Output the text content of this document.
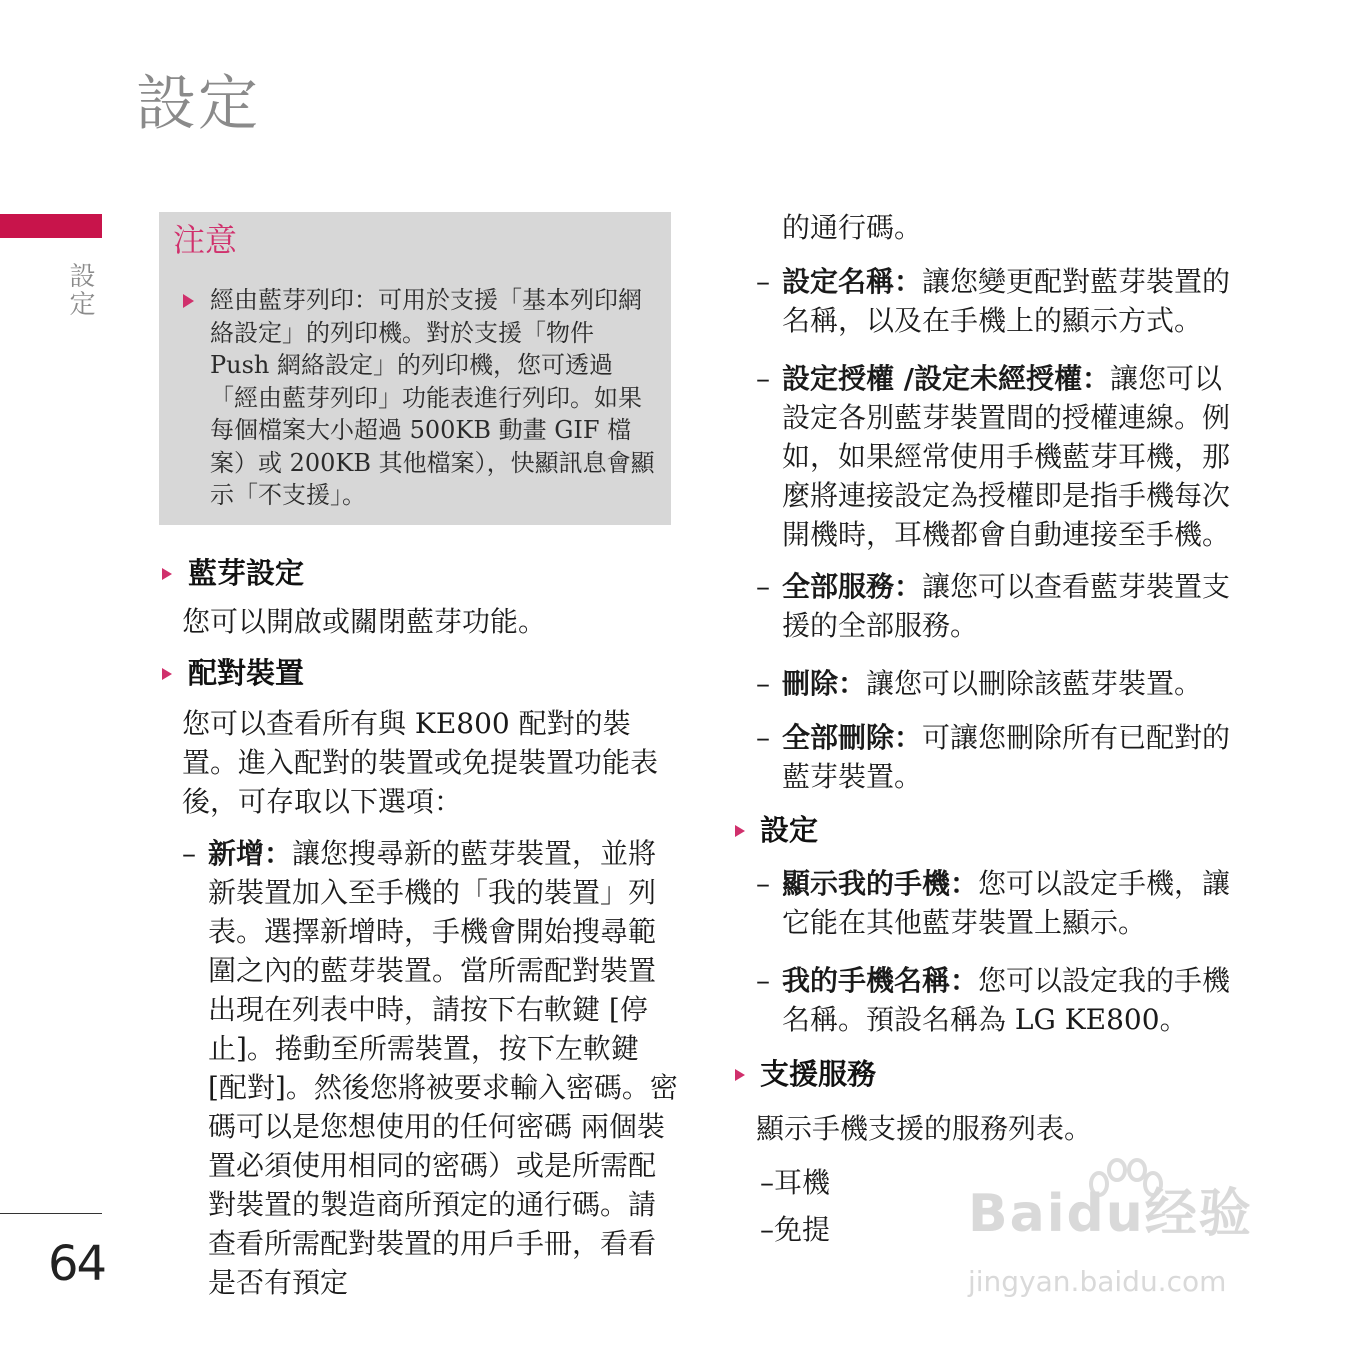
設定
設定
64
注意
經由藍芽列印：可用於支援「基本列印網絡設定」的列印機。對於支援「物件 Push 網絡設定」的列印機，您可透過「經由藍芽列印」功能表進行列印。如果每個檔案大小超過 500KB 動畫 GIF 檔案）或 200KB 其他檔案），快顯訊息會顯示「不支援」。
藍芽設定
您可以開啟或關閉藍芽功能。
配對裝置
您可以查看所有與 KE800 配對的裝置。進入配對的裝置或免提裝置功能表後，可存取以下選項：
– 新增：讓您搜尋新的藍芽裝置，並將新裝置加入至手機的「我的裝置」列表。選擇新增時，手機會開始搜尋範圍之內的藍芽裝置。當所需配對裝置出現在列表中時，請按下右軟鍵 [停止]。捲動至所需裝置，按下左軟鍵 [配對]。然後您將被要求輸入密碼。密碼可以是您想使用的任何密碼 兩個裝置必須使用相同的密碼）或是所需配對裝置的製造商所預定的通行碼。請查看所需配對裝置的用戶手冊，看看是否有預定
的通行碼。
– 設定名稱：讓您變更配對藍芽裝置的名稱，以及在手機上的顯示方式。
– 設定授權 /設定未經授權：讓您可以設定各別藍芽裝置間的授權連線。例如，如果經常使用手機藍芽耳機，那麼將連接設定為授權即是指手機每次開機時，耳機都會自動連接至手機。
– 全部服務：讓您可以查看藍芽裝置支援的全部服務。
– 刪除：讓您可以刪除該藍芽裝置。
– 全部刪除：可讓您刪除所有已配對的藍芽裝置。
設定
– 顯示我的手機：您可以設定手機，讓它能在其他藍芽裝置上顯示。
– 我的手機名稱：您可以設定我的手機名稱。預設名稱為 LG KE800。
支援服務
顯示手機支援的服務列表。
–耳機
–免提	Baidu经验
jingyan.baidu.com
